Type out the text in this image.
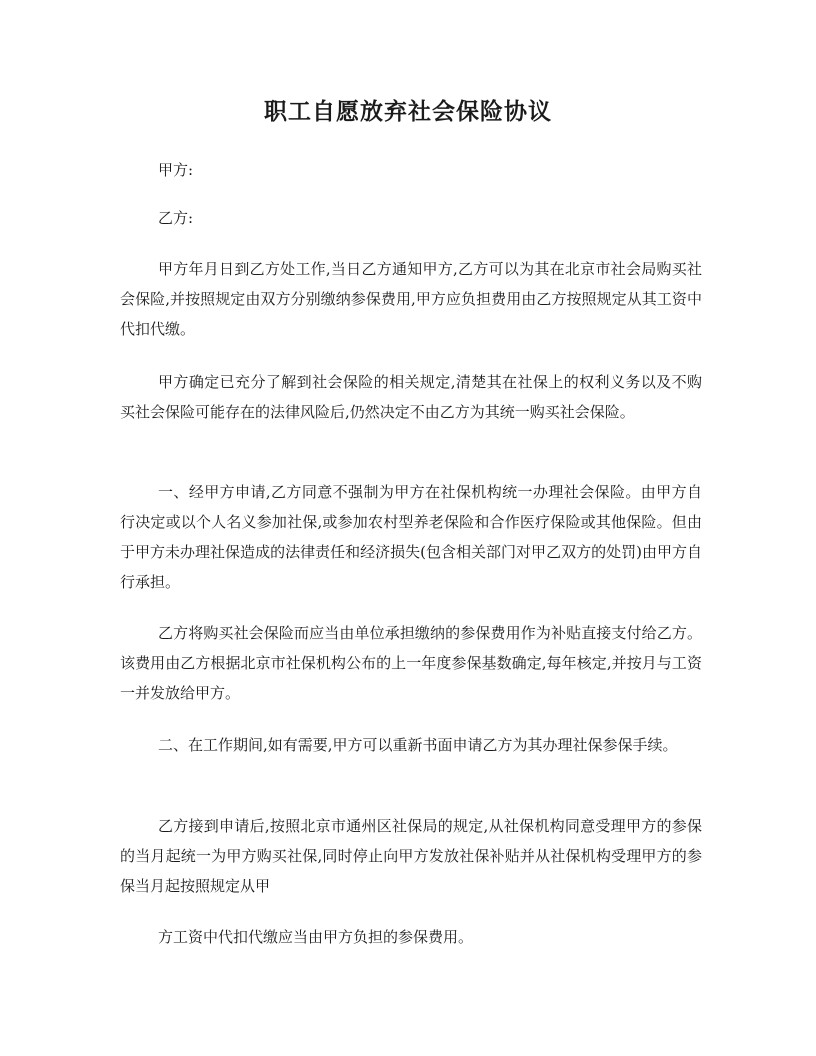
职工自愿放弃社会保险协议

甲方:

乙方:

甲方年月日到乙方处工作,当日乙方通知甲方,乙方可以为其在北京市社会局购买社会保险,并按照规定由双方分别缴纳参保费用,甲方应负担费用由乙方按照规定从其工资中代扣代缴。

甲方确定已充分了解到社会保险的相关规定,清楚其在社保上的权利义务以及不购买社会保险可能存在的法律风险后,仍然决定不由乙方为其统一购买社会保险。

一、经甲方申请,乙方同意不强制为甲方在社保机构统一办理社会保险。由甲方自行决定或以个人名义参加社保,或参加农村型养老保险和合作医疗保险或其他保险。但由于甲方未办理社保造成的法律责任和经济损失(包含相关部门对甲乙双方的处罚)由甲方自行承担。

乙方将购买社会保险而应当由单位承担缴纳的参保费用作为补贴直接支付给乙方。该费用由乙方根据北京市社保机构公布的上一年度参保基数确定,每年核定,并按月与工资一并发放给甲方。

二、在工作期间,如有需要,甲方可以重新书面申请乙方为其办理社保参保手续。

乙方接到申请后,按照北京市通州区社保局的规定,从社保机构同意受理甲方的参保的当月起统一为甲方购买社保,同时停止向甲方发放社保补贴并从社保机构受理甲方的参保当月起按照规定从甲

方工资中代扣代缴应当由甲方负担的参保费用。
